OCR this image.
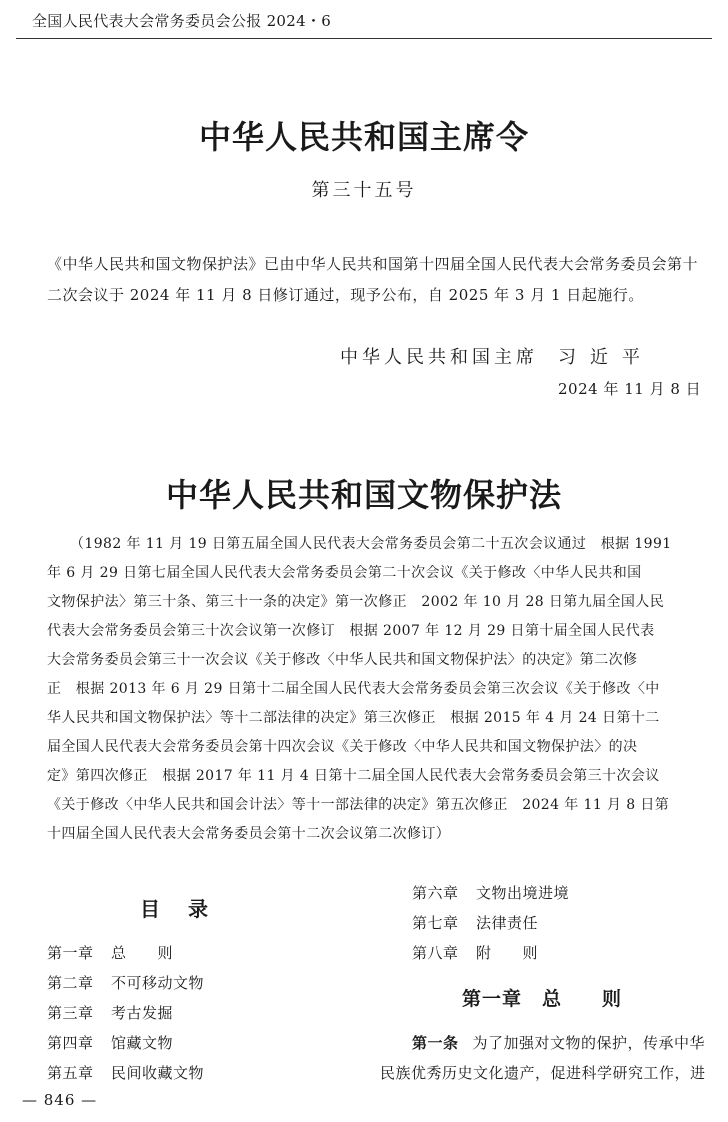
全国人民代表大会常务委员会公报 2024・6
中华人民共和国主席令
第三十五号
《中华人民共和国文物保护法》已由中华人民共和国第十四届全国人民代表大会常务委员会第十
二次会议于 2024 年 11 月 8 日修订通过，现予公布，自 2025 年 3 月 1 日起施行。
中华人民共和国主席 习近平
2024 年 11 月 8 日
中华人民共和国文物保护法
（1982 年 11 月 19 日第五届全国人民代表大会常务委员会第二十五次会议通过　根据 1991
年 6 月 29 日第七届全国人民代表大会常务委员会第二十次会议《关于修改〈中华人民共和国
文物保护法〉第三十条、第三十一条的决定》第一次修正　2002 年 10 月 28 日第九届全国人民
代表大会常务委员会第三十次会议第一次修订　根据 2007 年 12 月 29 日第十届全国人民代表
大会常务委员会第三十一次会议《关于修改〈中华人民共和国文物保护法〉的决定》第二次修
正　根据 2013 年 6 月 29 日第十二届全国人民代表大会常务委员会第三次会议《关于修改〈中
华人民共和国文物保护法〉等十二部法律的决定》第三次修正　根据 2015 年 4 月 24 日第十二
届全国人民代表大会常务委员会第十四次会议《关于修改〈中华人民共和国文物保护法〉的决
定》第四次修正　根据 2017 年 11 月 4 日第十二届全国人民代表大会常务委员会第三十次会议
《关于修改〈中华人民共和国会计法〉等十一部法律的决定》第五次修正　2024 年 11 月 8 日第
十四届全国人民代表大会常务委员会第十二次会议第二次修订）
目录
第一章 总　　则
第二章 不可移动文物
第三章 考古发掘
第四章 馆藏文物
第五章 民间收藏文物
第六章 文物出境进境
第七章 法律责任
第八章 附　　则
第一章　总　　则
第一条 为了加强对文物的保护，传承中华
民族优秀历史文化遗产，促进科学研究工作，进
— 846 —
